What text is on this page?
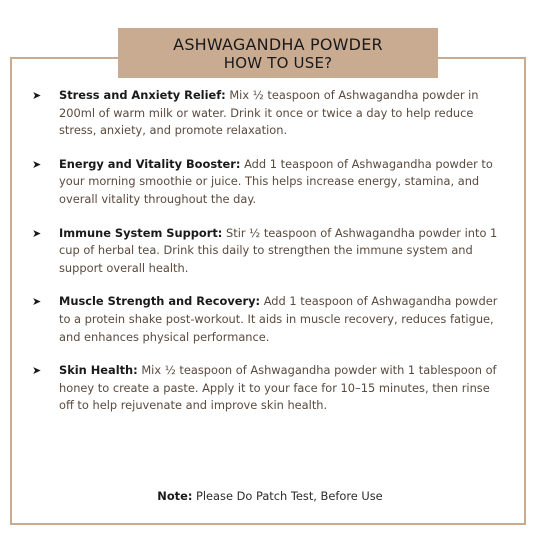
ASHWAGANDHA POWDER
HOW TO USE?
➤ Stress and Anxiety Relief: Mix ½ teaspoon of Ashwagandha powder in 200ml of warm milk or water. Drink it once or twice a day to help reduce stress, anxiety, and promote relaxation.
➤ Energy and Vitality Booster: Add 1 teaspoon of Ashwagandha powder to your morning smoothie or juice. This helps increase energy, stamina, and overall vitality throughout the day.
➤ Immune System Support: Stir ½ teaspoon of Ashwagandha powder into 1 cup of herbal tea. Drink this daily to strengthen the immune system and support overall health.
➤ Muscle Strength and Recovery: Add 1 teaspoon of Ashwagandha powder to a protein shake post-workout. It aids in muscle recovery, reduces fatigue, and enhances physical performance.
➤ Skin Health: Mix ½ teaspoon of Ashwagandha powder with 1 tablespoon of honey to create a paste. Apply it to your face for 10–15 minutes, then rinse off to help rejuvenate and improve skin health.
Note: Please Do Patch Test, Before Use
